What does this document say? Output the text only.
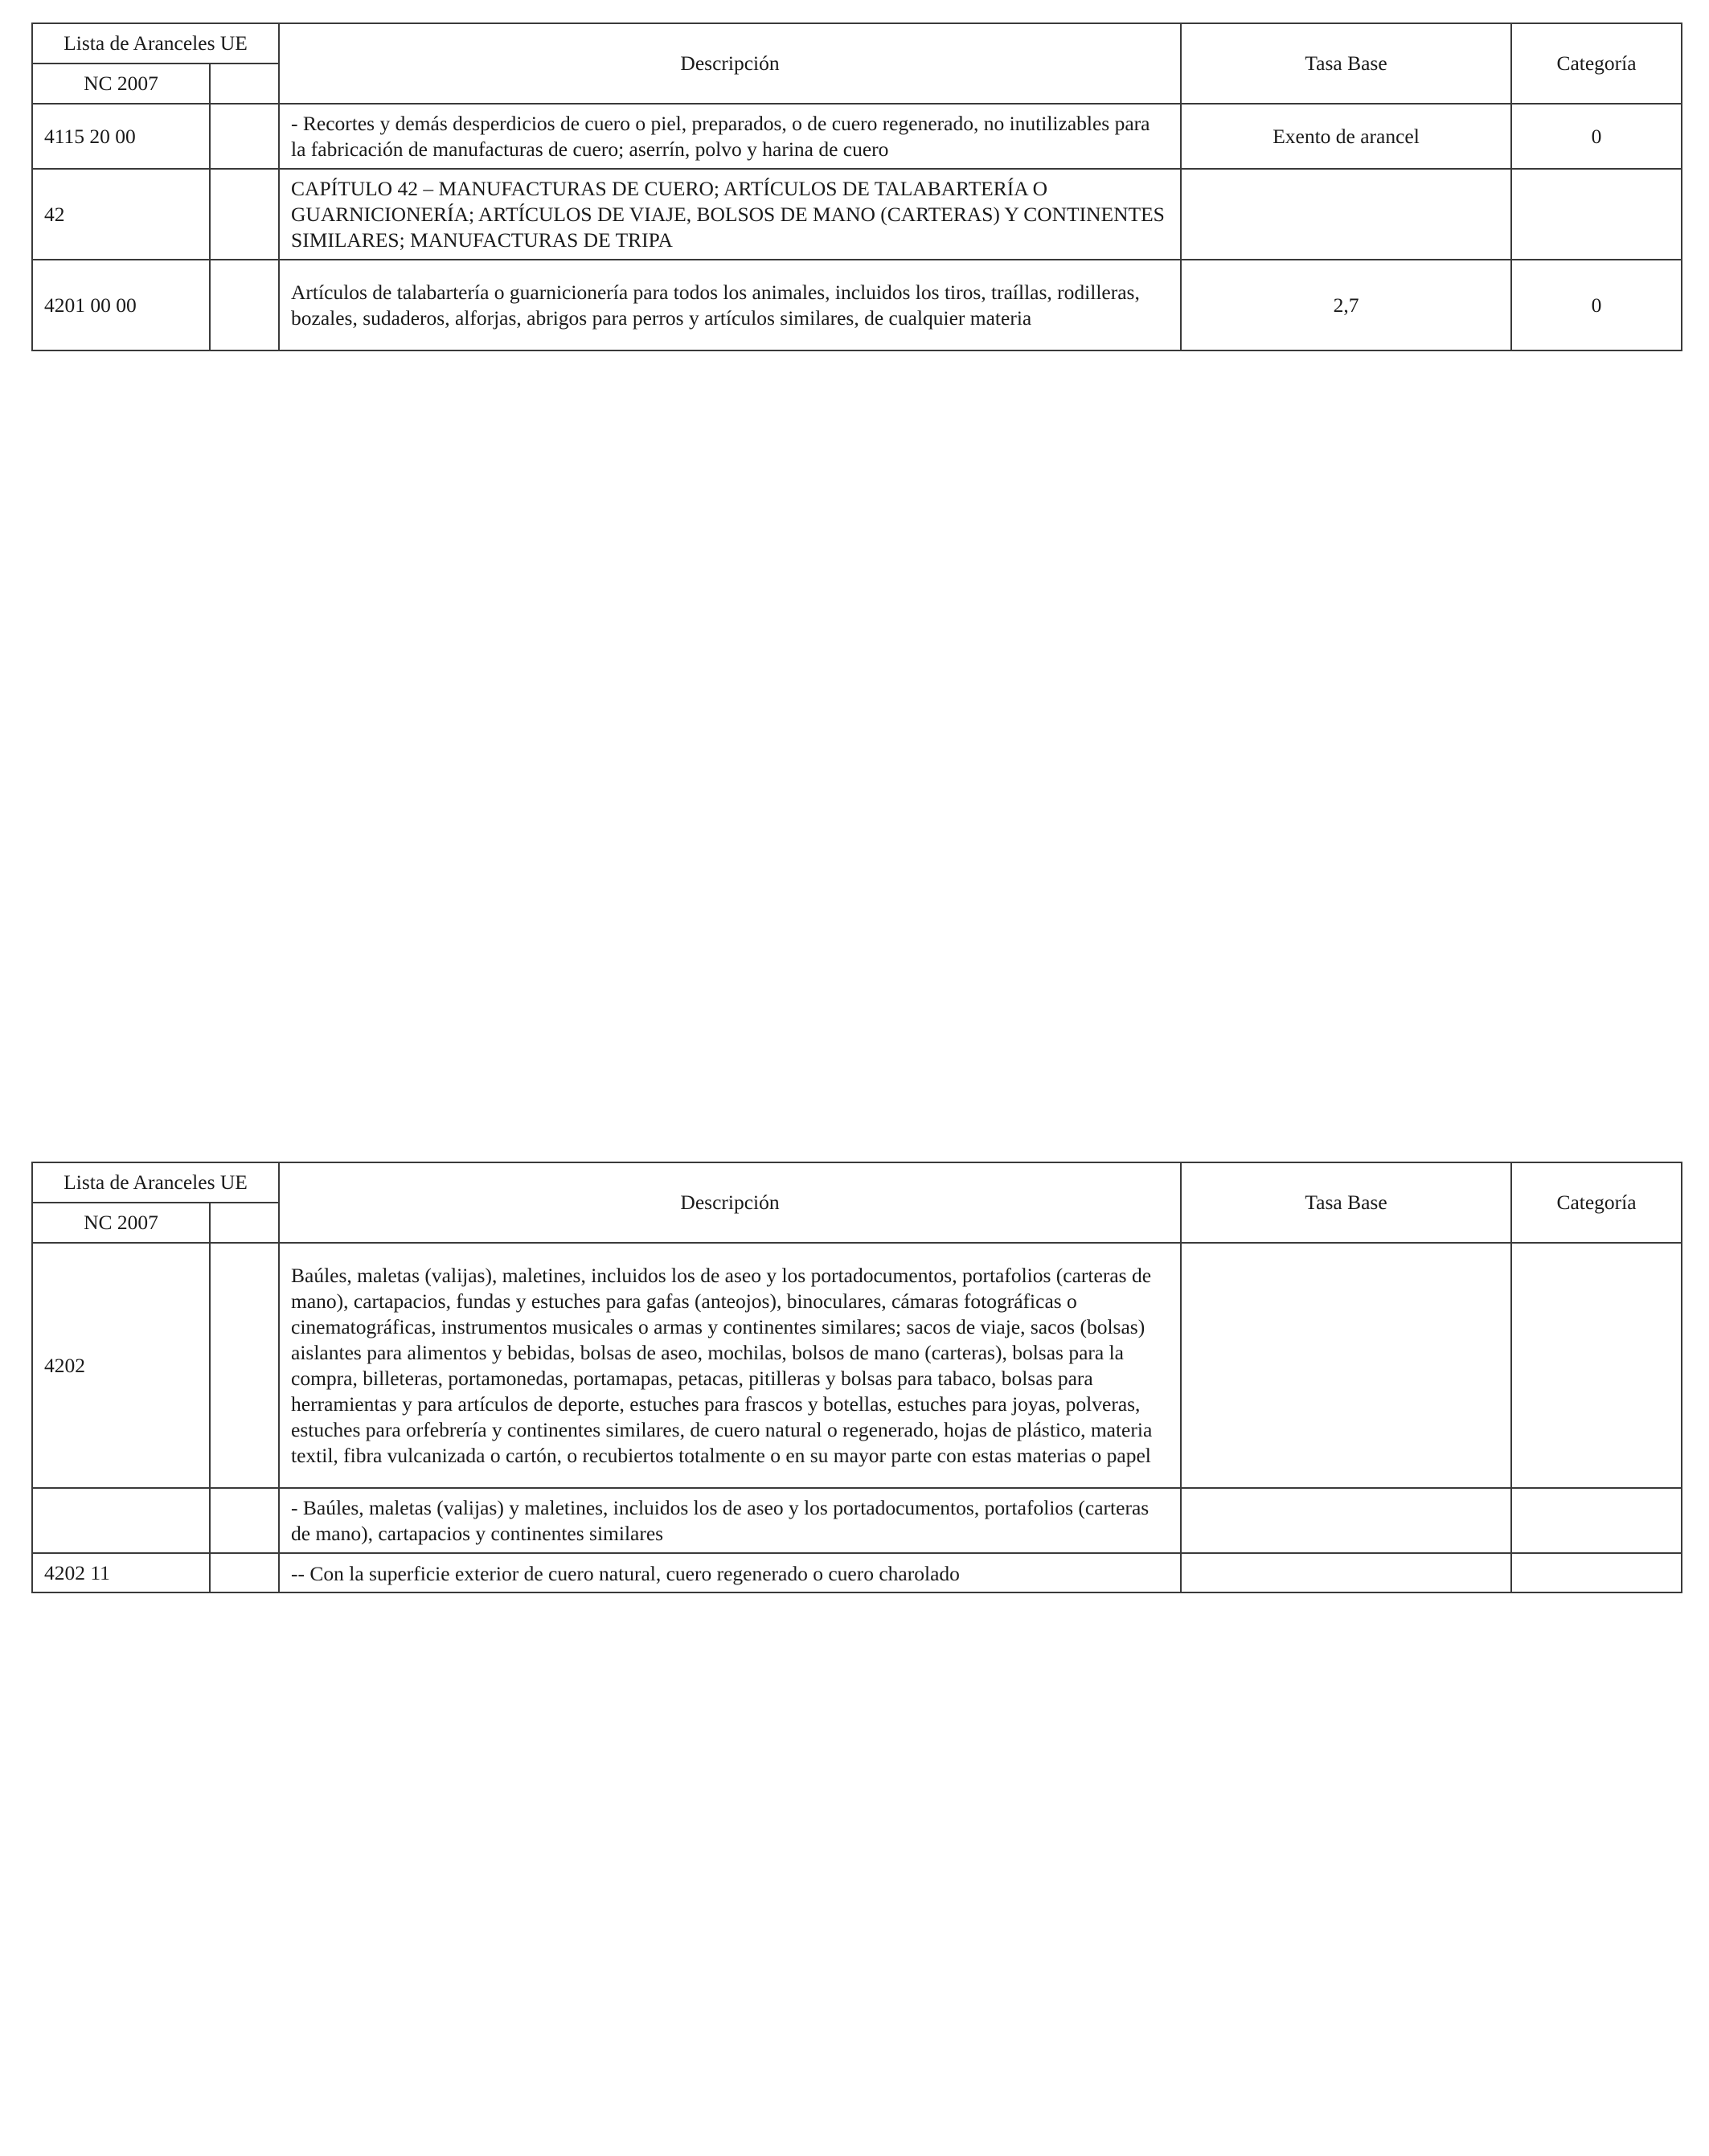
Lista de Aranceles UE		Descripción	Tasa Base	Categoría
NC 2007				
4115 20 00		- Recortes y demás desperdicios de cuero o piel, preparados, o de cuero regenerado, no inutilizables para la fabricación de manufacturas de cuero; aserrín, polvo y harina de cuero	Exento de arancel	0
42		CAPÍTULO 42 – MANUFACTURAS DE CUERO; ARTÍCULOS DE TALABARTERÍA O GUARNICIONERÍA; ARTÍCULOS DE VIAJE, BOLSOS DE MANO (CARTERAS) Y CONTINENTES SIMILARES; MANUFACTURAS DE TRIPA		
4201 00 00		Artículos de talabartería o guarnicionería para todos los animales, incluidos los tiros, traíllas, rodilleras, bozales, sudaderos, alforjas, abrigos para perros y artículos similares, de cualquier materia	2,7	0
Lista de Aranceles UE		Descripción	Tasa Base	Categoría
NC 2007				
4202		Baúles, maletas (valijas), maletines, incluidos los de aseo y los portadocumentos, portafolios (carteras de mano), cartapacios, fundas y estuches para gafas (anteojos), binoculares, cámaras fotográficas o cinematográficas, instrumentos musicales o armas y continentes similares; sacos de viaje, sacos (bolsas) aislantes para alimentos y bebidas, bolsas de aseo, mochilas, bolsos de mano (carteras), bolsas para la compra, billeteras, portamonedas, portamapas, petacas, pitilleras y bolsas para tabaco, bolsas para herramientas y para artículos de deporte, estuches para frascos y botellas, estuches para joyas, polveras, estuches para orfebrería y continentes similares, de cuero natural o regenerado, hojas de plástico, materia textil, fibra vulcanizada o cartón, o recubiertos totalmente o en su mayor parte con estas materias o papel		
		- Baúles, maletas (valijas) y maletines, incluidos los de aseo y los portadocumentos, portafolios (carteras de mano), cartapacios y continentes similares		
4202 11		-- Con la superficie exterior de cuero natural, cuero regenerado o cuero charolado		
